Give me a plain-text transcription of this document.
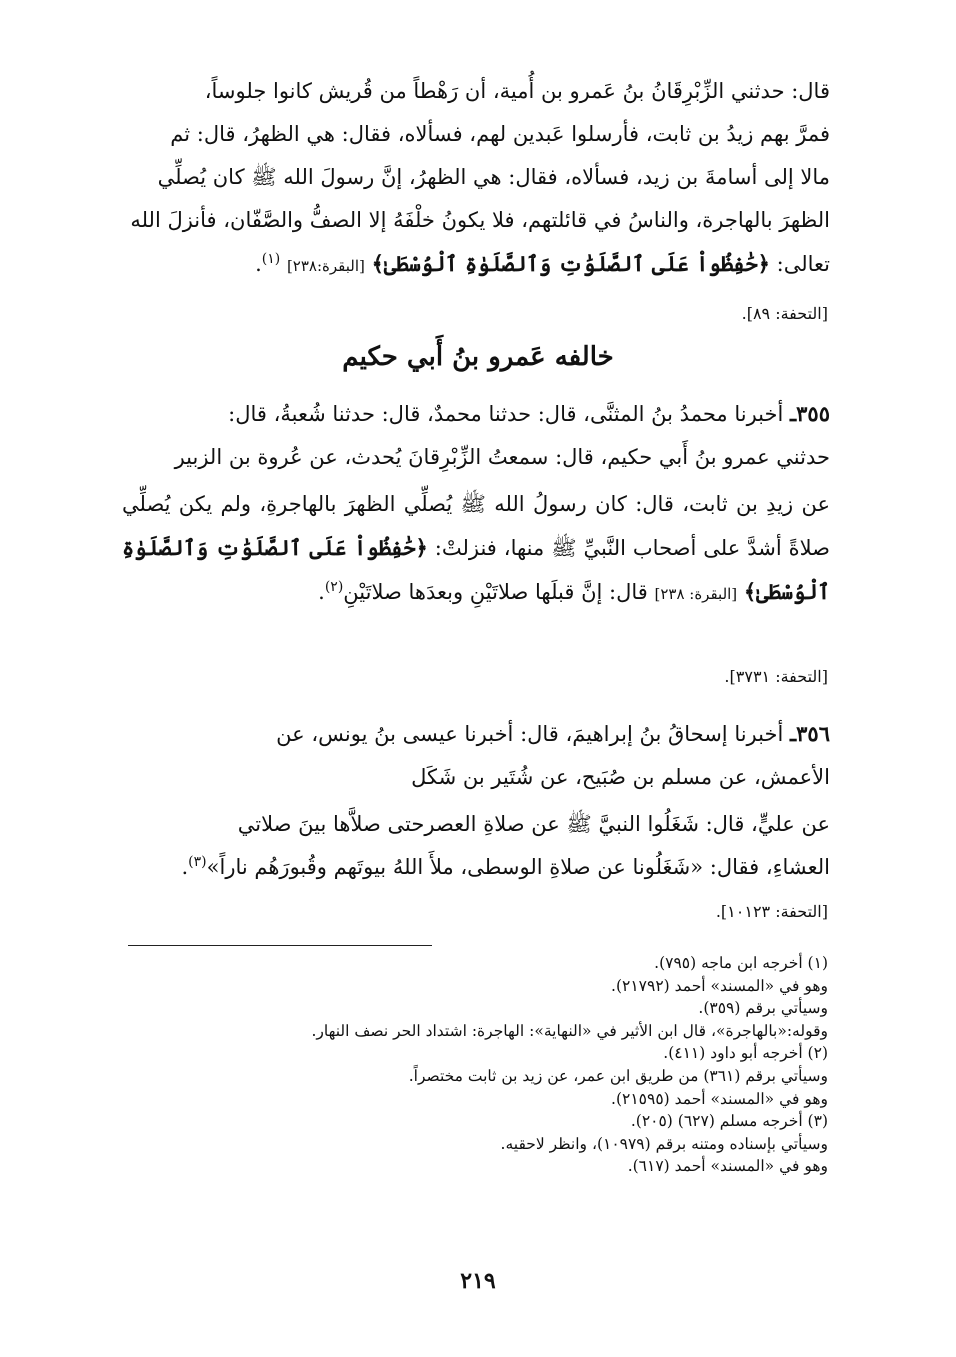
قال: حدثني الزِّبْرِقَانُ بنُ عَمرو بن أُمية، أن رَهْطاً من قُريش كانوا جلوساً،

فمرَّ بهم زيدُ بن ثابت، فأرسلوا عَبدين لهم، فسألاه، فقال: هي الظهرُ، قال: ثم

مالا إلى أسامةَ بن زيد، فسألاه، فقال: هي الظهرُ، إنَّ رسولَ الله ﷺ كان يُصلِّي

الظهرَ بالهاجرة، والناسُ في قائلتهم، فلا يكونُ خلْفَهُ إلا الصفُّ والصَّفّان، فأنزلَ الله

تعالى: ﴿حَٰفِظُواْ عَلَى ٱلصَّلَوَٰتِ وَٱلصَّلَوٰةِ ٱلْوُسْطَىٰ﴾ [البقرة:٢٣٨] $^{(١)}$.

[التحفة: ٨٩].
خالفه عَمرو بنُ أَبي حكيم

٣٥٥ـ أخبرنا محمدُ بنُ المثنَّى، قال: حدثنا محمدٌ، قال: حدثنا شُعبةُ، قال:

حدثني عمرو بنُ أَبي حكيم، قال: سمعتُ الزِّبْرِقانَ يُحدث، عن عُروة بن الزبير

عن زيدِ بن ثابت، قال: كان رسولُ الله ﷺ يُصلِّي الظهرَ بالهاجرةِ، ولم يكن يُصلِّي صلاةً أشدَّ على أصحاب النَّبيِّ ﷺ منها، فنزلتْ: ﴿حَٰفِظُواْ عَلَى ٱلصَّلَوَٰتِ وَٱلصَّلَوٰةِ ٱلْوُسْطَىٰ﴾ [البقرة: ٢٣٨] قال: إنَّ قبلَها صلاتَيْنِ وبعدَها صلاتَيْنِ$^{(٢)}$.
[التحفة: ٣٧٣١].

٣٥٦ـ أخبرنا إسحاقُ بنُ إبراهيمَ، قال: أخبرنا عيسى بنُ يونس، عن

الأعمش، عن مسلم بن صُبَيح، عن شُتَير بن شَكَل

عن عليٍّ، قال: شَغَلُوا النبيَّ ﷺ عن صلاةِ العصرحتى صلاَّها بينَ صلاتي

العشاءِ، فقال: «شَغَلُونا عن صلاةِ الوسطى، ملأَ اللهُ بيوتَهم وقُبورَهُم ناراً»$^{(٣)}$.

[التحفة: ١٠١٢٣].
(١) أخرجه ابن ماجه (٧٩٥).
وهو في «المسند» أحمد (٢١٧٩٢).
وسيأتي برقم (٣٥٩).
وقوله:«بالهاجرة»، قال ابن الأثير في «النهاية»: الهاجرة: اشتداد الحر نصف النهار.
(٢) أخرجه أبو داود (٤١١).
وسيأتي برقم (٣٦١) من طريق ابن عمر، عن زيد بن ثابت مختصراً.
وهو في «المسند» أحمد (٢١٥٩٥).
(٣) أخرجه مسلم (٦٢٧) (٢٠٥).
وسيأتي بإسناده ومتنه برقم (١٠٩٧٩)، وانظر لاحقيه.
وهو في «المسند» أحمد (٦١٧).
٢١٩
